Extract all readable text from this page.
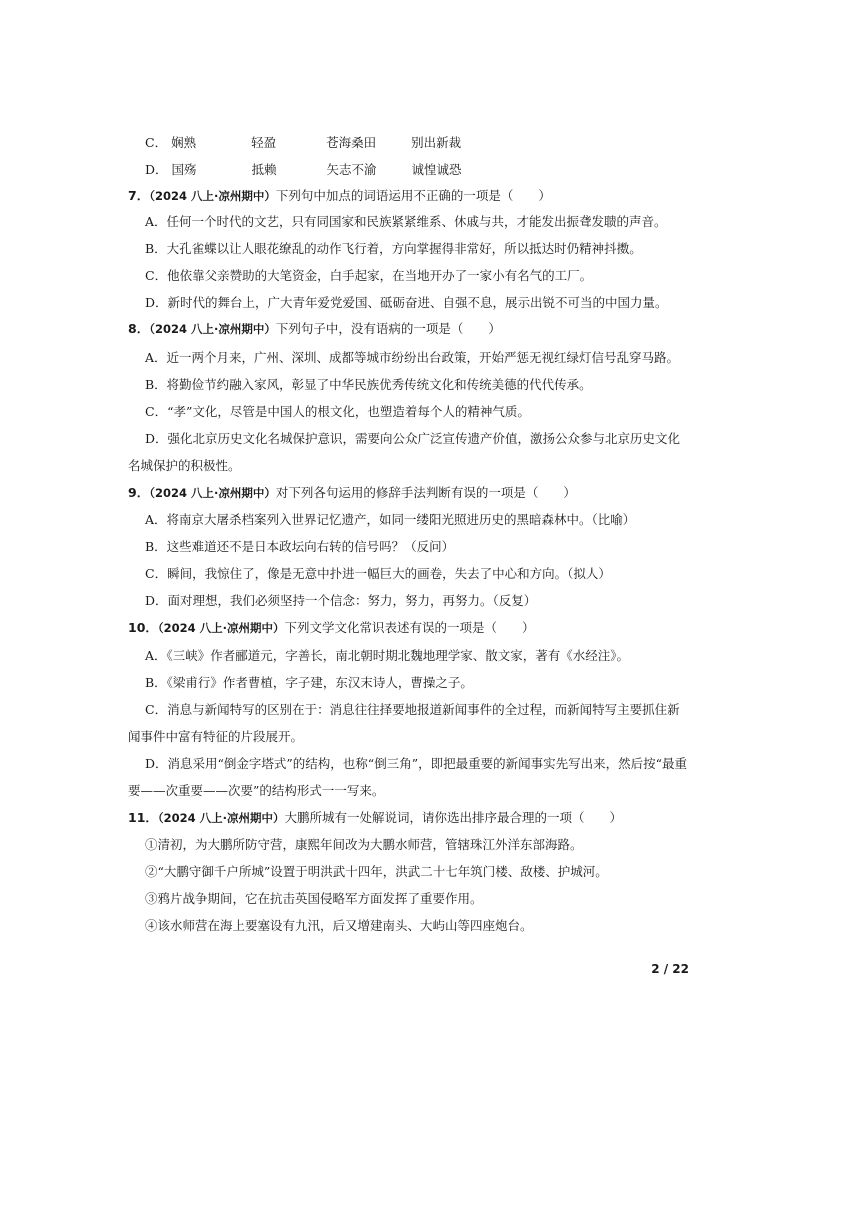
C． 娴熟	轻盈	苍海桑田	别出新裁
D． 国殇	抵赖	矢志不渝	诚惶诚恐
7．（2024 八上·凉州期中）下列句中加点的词语运用不正确的一项是（　　）
A．任何一个时代的文艺，只有同国家和民族紧紧维系、休戚与共，才能发出振聋发聩的声音。
B．大孔雀蝶以让人眼花缭乱的动作飞行着，方向掌握得非常好，所以抵达时仍精神抖擞。
C．他依靠父亲赞助的大笔资金，白手起家，在当地开办了一家小有名气的工厂。
D．新时代的舞台上，广大青年爱党爱国、砥砺奋进、自强不息，展示出锐不可当的中国力量。
8．（2024 八上·凉州期中）下列句子中，没有语病的一项是（　　）
A．近一两个月来，广州、深圳、成都等城市纷纷出台政策，开始严惩无视红绿灯信号乱穿马路。
B．将勤俭节约融入家风，彰显了中华民族优秀传统文化和传统美德的代代传承。
C．“孝”文化，尽管是中国人的根文化，也塑造着每个人的精神气质。
D．强化北京历史文化名城保护意识，需要向公众广泛宣传遗产价值，激扬公众参与北京历史文化
名城保护的积极性。
9．（2024 八上·凉州期中）对下列各句运用的修辞手法判断有误的一项是（　　）
A．将南京大屠杀档案列入世界记忆遗产，如同一缕阳光照进历史的黑暗森林中。（比喻）
B．这些难道还不是日本政坛向右转的信号吗？（反问）
C．瞬间，我惊住了，像是无意中扑进一幅巨大的画卷，失去了中心和方向。（拟人）
D．面对理想，我们必须坚持一个信念：努力，努力，再努力。（反复）
10．（2024 八上·凉州期中）下列文学文化常识表述有误的一项是（　　）
A．《三峡》作者郦道元，字善长，南北朝时期北魏地理学家、散文家，著有《水经注》。
B．《梁甫行》作者曹植，字子建，东汉末诗人，曹操之子。
C．消息与新闻特写的区别在于：消息往往择要地报道新闻事件的全过程，而新闻特写主要抓住新
闻事件中富有特征的片段展开。
D．消息采用“倒金字塔式”的结构，也称“倒三角”，即把最重要的新闻事实先写出来，然后按“最重
要——次重要——次要”的结构形式一一写来。
11．（2024 八上·凉州期中）大鹏所城有一处解说词，请你选出排序最合理的一项（　　）
①清初，为大鹏所防守营，康熙年间改为大鹏水师营，管辖珠江外洋东部海路。
②“大鹏守御千户所城”设置于明洪武十四年，洪武二十七年筑门楼、敌楼、护城河。
③鸦片战争期间，它在抗击英国侵略军方面发挥了重要作用。
④该水师营在海上要塞设有九汛，后又增建南头、大屿山等四座炮台。
2 / 22
